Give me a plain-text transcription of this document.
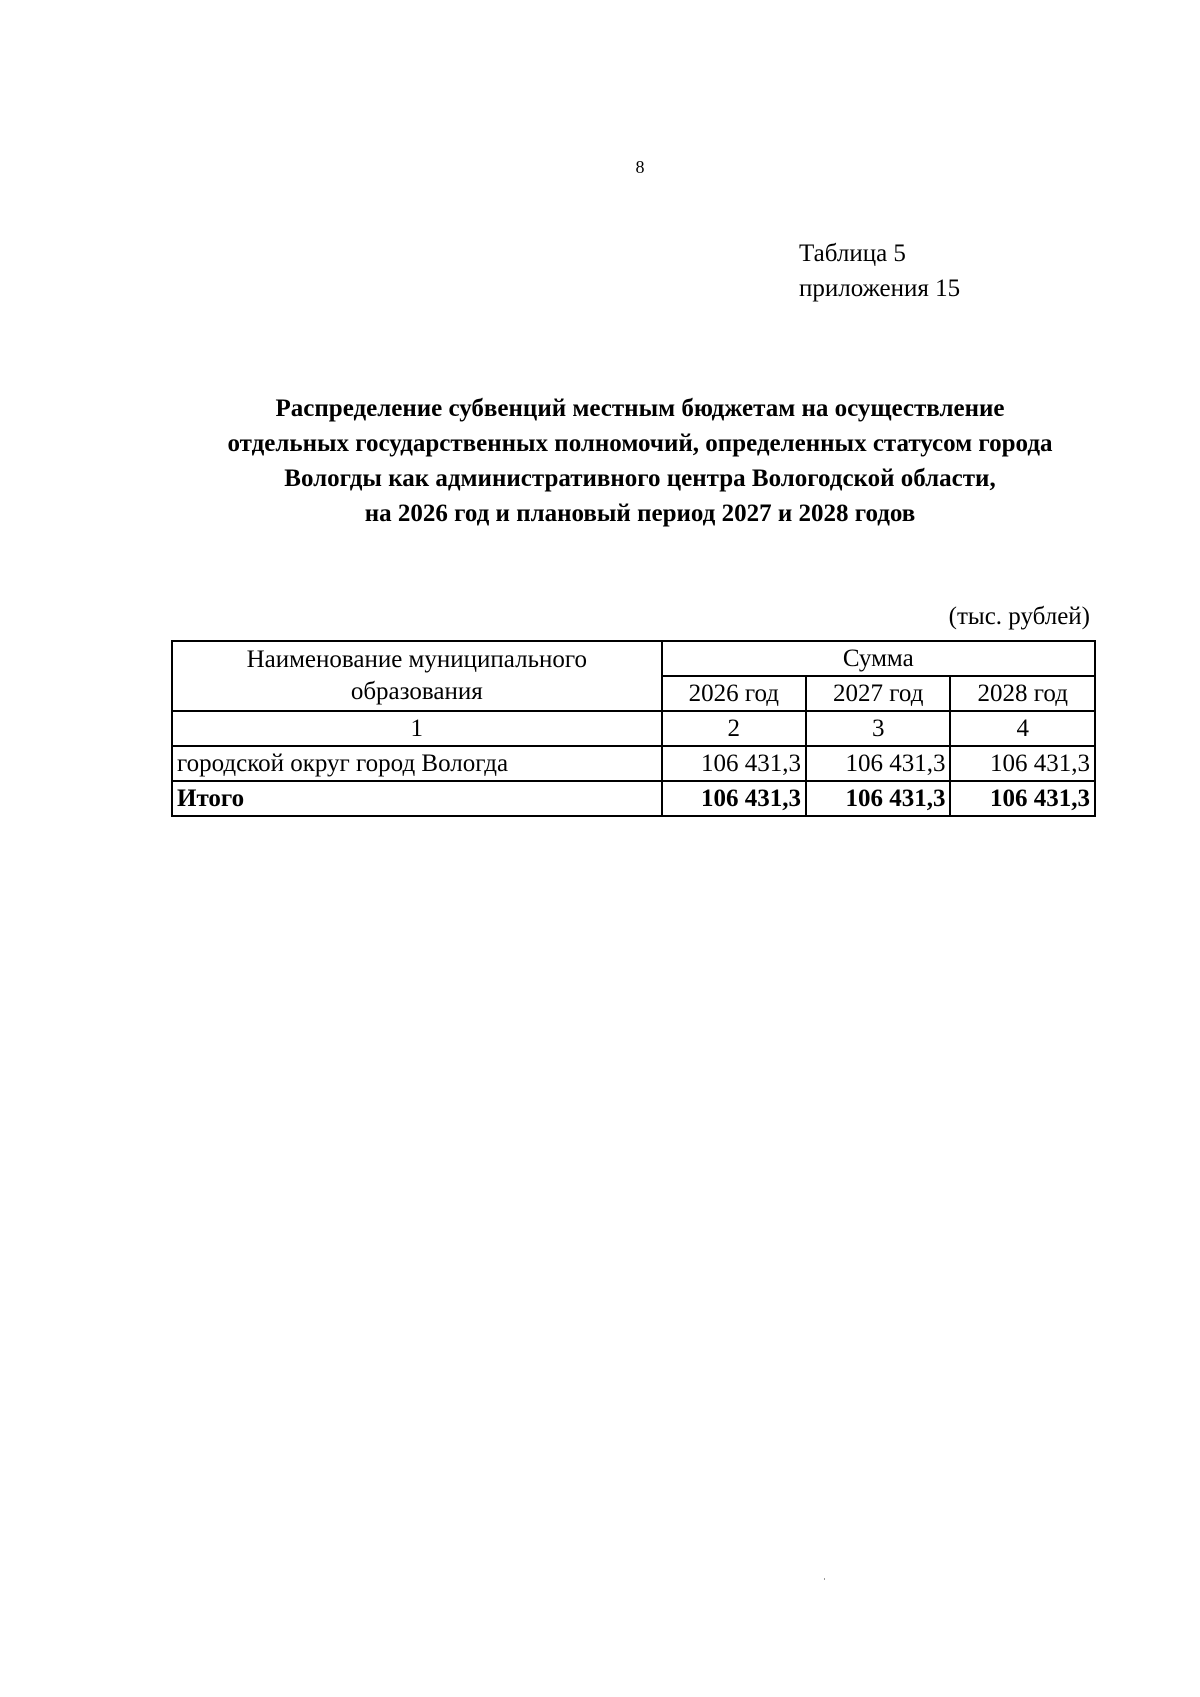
8
Таблица 5
приложения 15
Распределение субвенций местным бюджетам на осуществление
отдельных государственных полномочий, определенных статусом города
Вологды как административного центра Вологодской области,
на 2026 год и плановый период 2027 и 2028 годов
(тыс. рублей)
Наименование муниципального
образования	Сумма		
	2026 год	2027 год	2028 год
1	2	3	4
городской округ город Вологда	106 431,3	106 431,3	106 431,3
Итого	106 431,3	106 431,3	106 431,3
